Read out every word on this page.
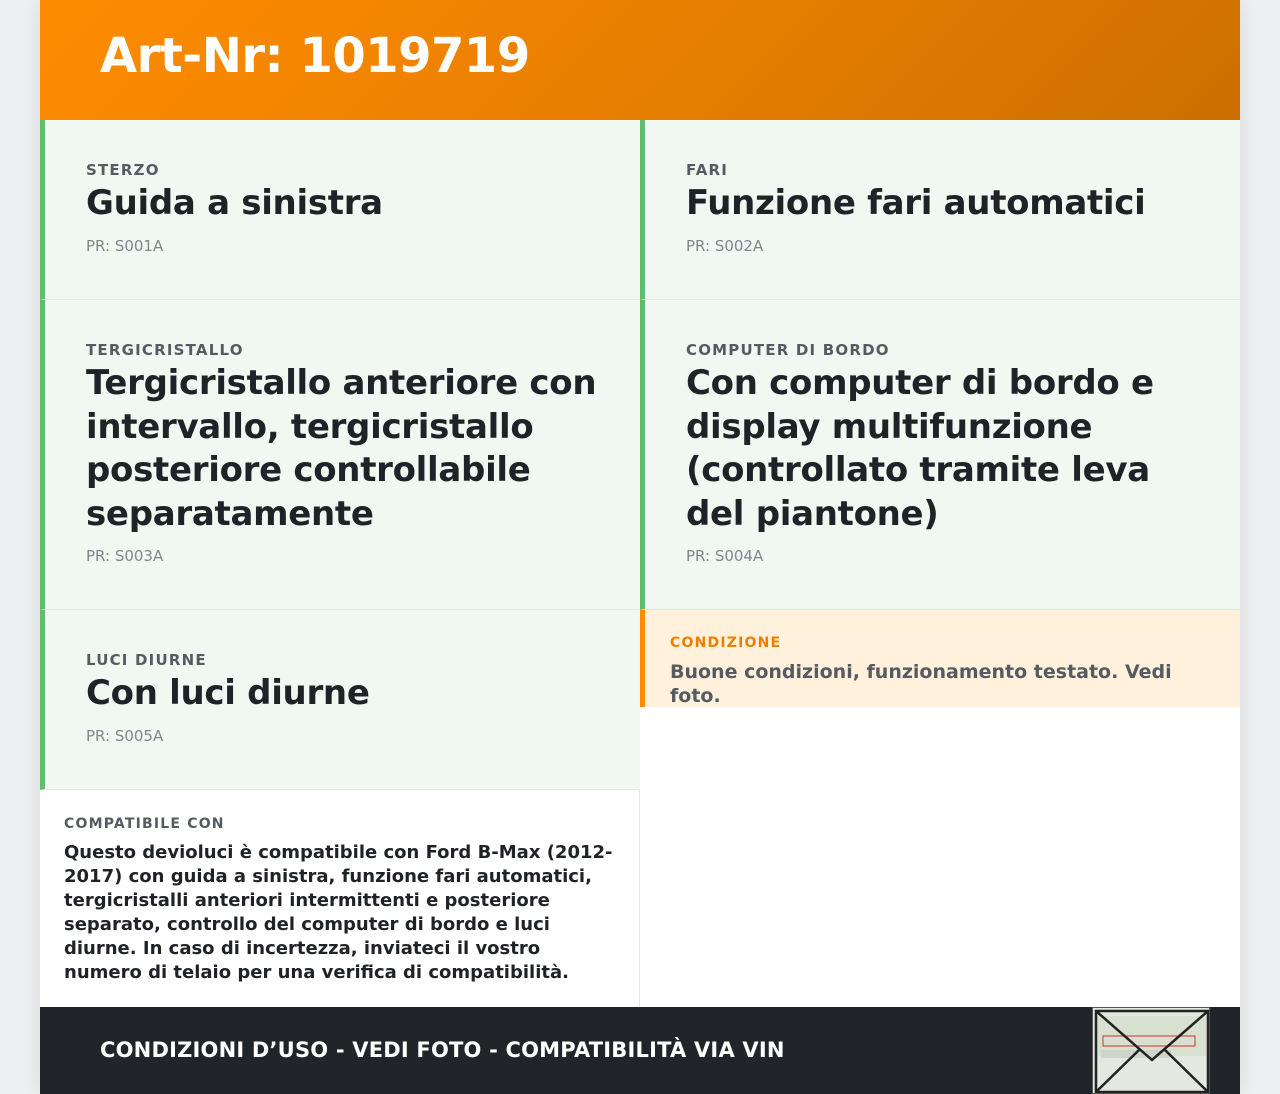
Art-Nr: 1019719
STERZO
Guida a sinistra
PR: S001A
FARI
Funzione fari automatici
PR: S002A
TERGICRISTALLO
Tergicristallo anteriore con intervallo, tergicristallo posteriore controllabile separatamente
PR: S003A
COMPUTER DI BORDO
Con computer di bordo e display multifunzione (controllato tramite leva del piantone)
PR: S004A
LUCI DIURNE
Con luci diurne
PR: S005A
CONDIZIONE
Buone condizioni, funzionamento testato. Vedi foto.
COMPATIBILE CON
Questo devioluci è compatibile con Ford B-Max (2012-2017) con guida a sinistra, funzione fari automatici, tergicristalli anteriori intermittenti e posteriore separato, controllo del computer di bordo e luci diurne. In caso di incertezza, inviateci il vostro numero di telaio per una verifica di compatibilità.
CONDIZIONI D’USO - VEDI FOTO - COMPATIBILITÀ VIA VIN
